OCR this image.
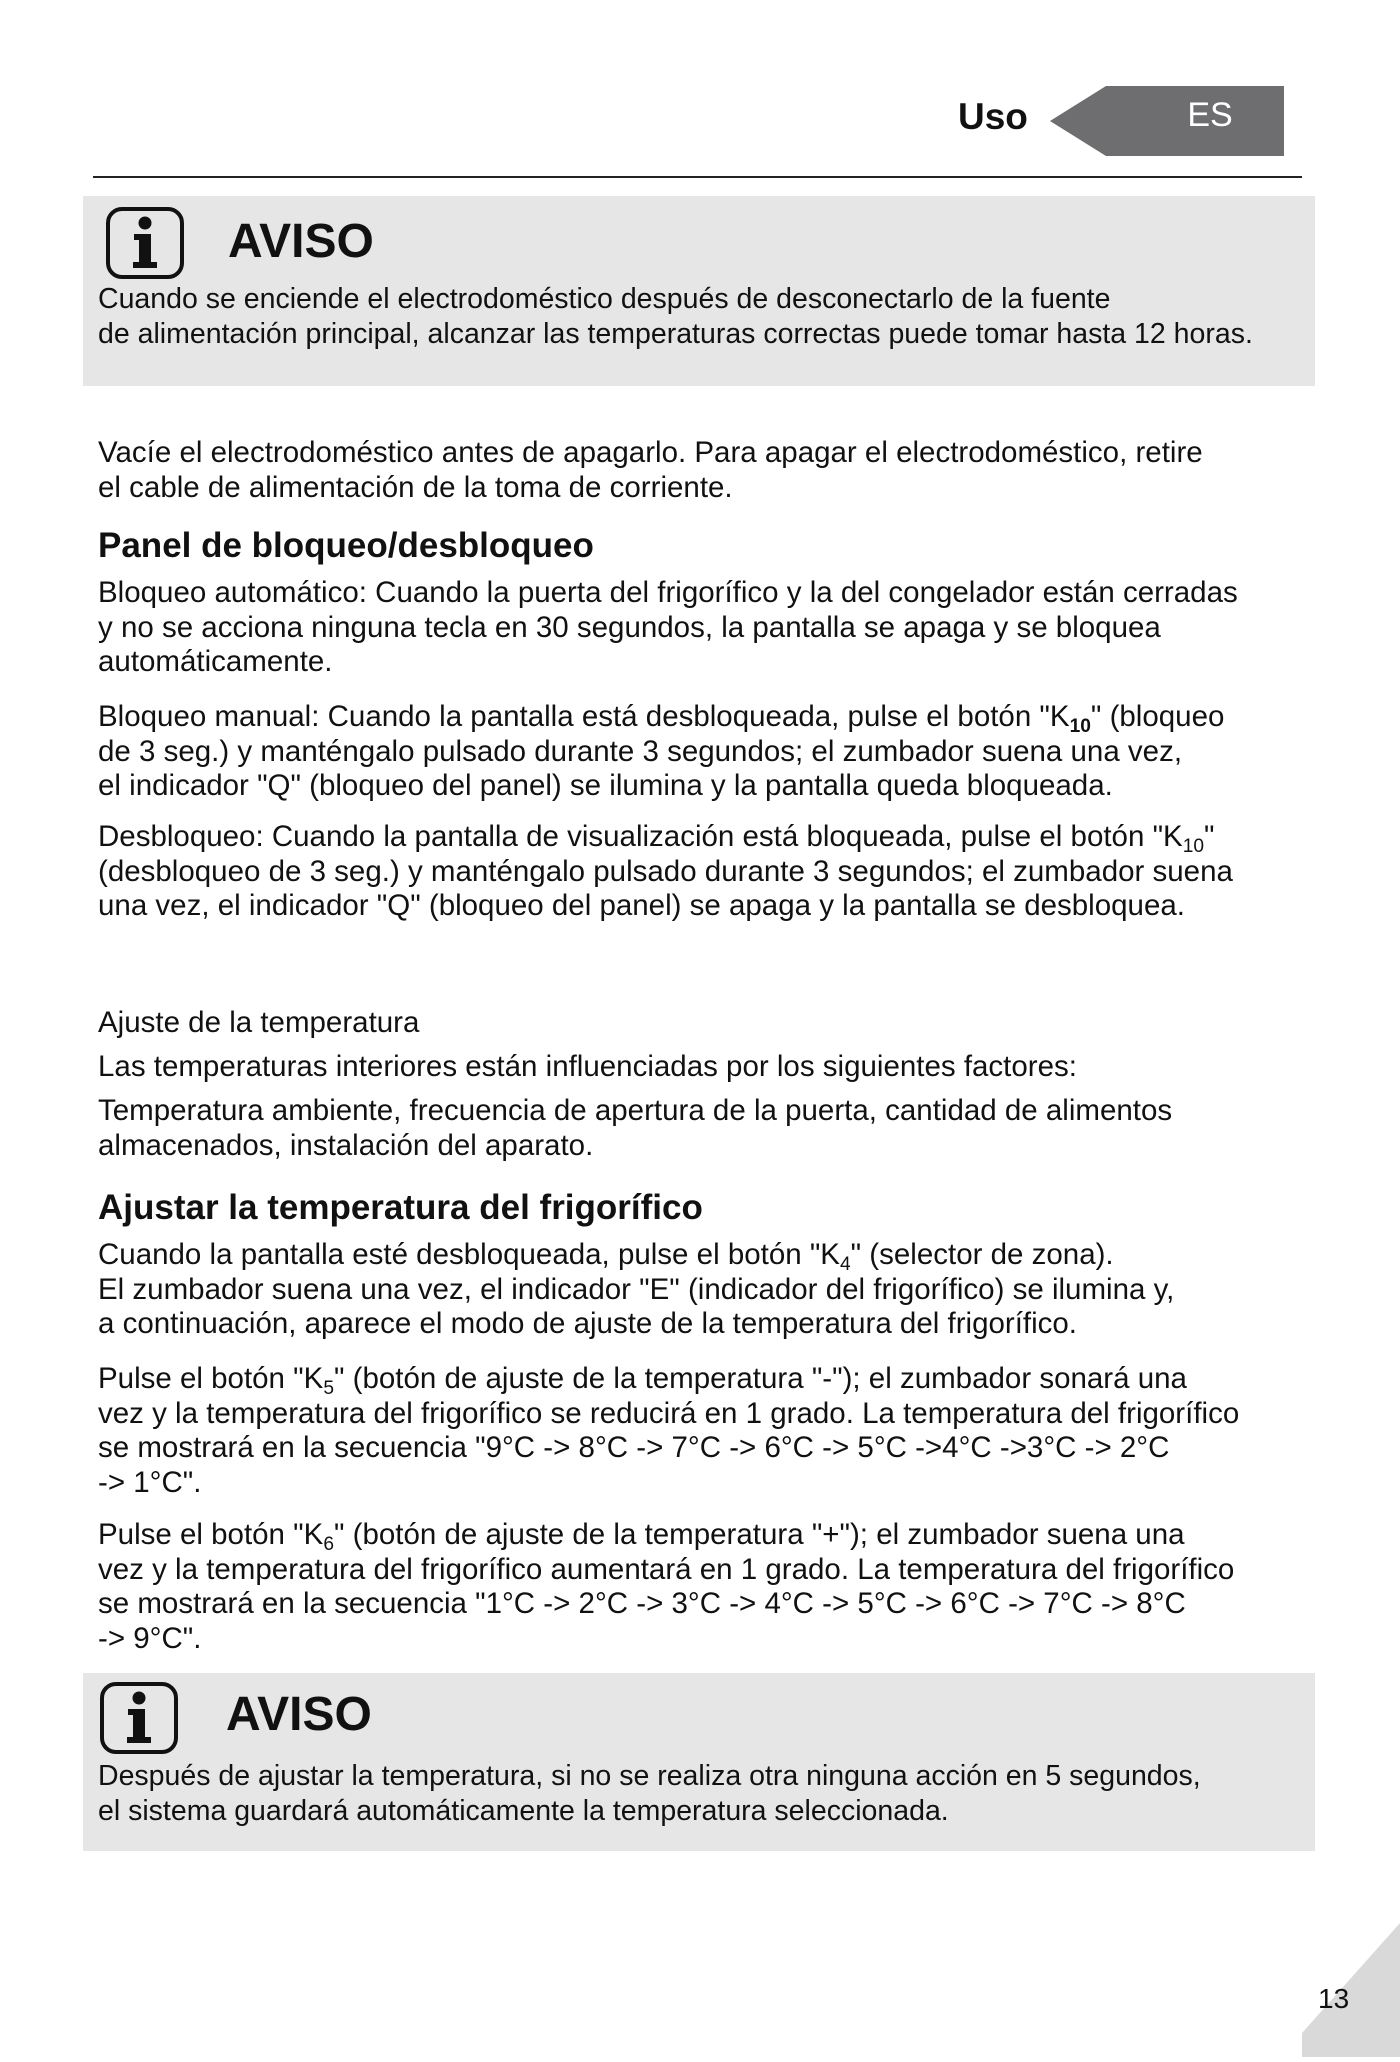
Uso	ES
AVISO
Cuando se enciende el electrodoméstico después de desconectarlo de la fuente
de alimentación principal, alcanzar las temperaturas correctas puede tomar hasta 12 horas.
Vacíe el electrodoméstico antes de apagarlo. Para apagar el electrodoméstico, retire
el cable de alimentación de la toma de corriente.
Panel de bloqueo/desbloqueo
Bloqueo automático: Cuando la puerta del frigorífico y la del congelador están cerradas
y no se acciona ninguna tecla en 30 segundos, la pantalla se apaga y se bloquea
automáticamente.
Bloqueo manual: Cuando la pantalla está desbloqueada, pulse el botón "$K_{10}$" (bloqueo
de 3 seg.) y manténgalo pulsado durante 3 segundos; el zumbador suena una vez,
el indicador "Q" (bloqueo del panel) se ilumina y la pantalla queda bloqueada.
Desbloqueo: Cuando la pantalla de visualización está bloqueada, pulse el botón "$K_{10}$"
(desbloqueo de 3 seg.) y manténgalo pulsado durante 3 segundos; el zumbador suena
una vez, el indicador "Q" (bloqueo del panel) se apaga y la pantalla se desbloquea.
Ajuste de la temperatura
Las temperaturas interiores están influenciadas por los siguientes factores:
Temperatura ambiente, frecuencia de apertura de la puerta, cantidad de alimentos
almacenados, instalación del aparato.
Ajustar la temperatura del frigorífico
Cuando la pantalla esté desbloqueada, pulse el botón "$K_4$" (selector de zona).
El zumbador suena una vez, el indicador "E" (indicador del frigorífico) se ilumina y,
a continuación, aparece el modo de ajuste de la temperatura del frigorífico.
Pulse el botón "$K_5$" (botón de ajuste de la temperatura "-"); el zumbador sonará una
vez y la temperatura del frigorífico se reducirá en 1 grado. La temperatura del frigorífico
se mostrará en la secuencia "9°C -> 8°C -> 7°C -> 6°C -> 5°C ->4°C ->3°C -> 2°C
-> 1°C".
Pulse el botón "$K_6$" (botón de ajuste de la temperatura "+"); el zumbador suena una
vez y la temperatura del frigorífico aumentará en 1 grado. La temperatura del frigorífico
se mostrará en la secuencia "1°C -> 2°C -> 3°C -> 4°C -> 5°C -> 6°C -> 7°C -> 8°C
-> 9°C".
AVISO
Después de ajustar la temperatura, si no se realiza otra ninguna acción en 5 segundos,
el sistema guardará automáticamente la temperatura seleccionada.
13
